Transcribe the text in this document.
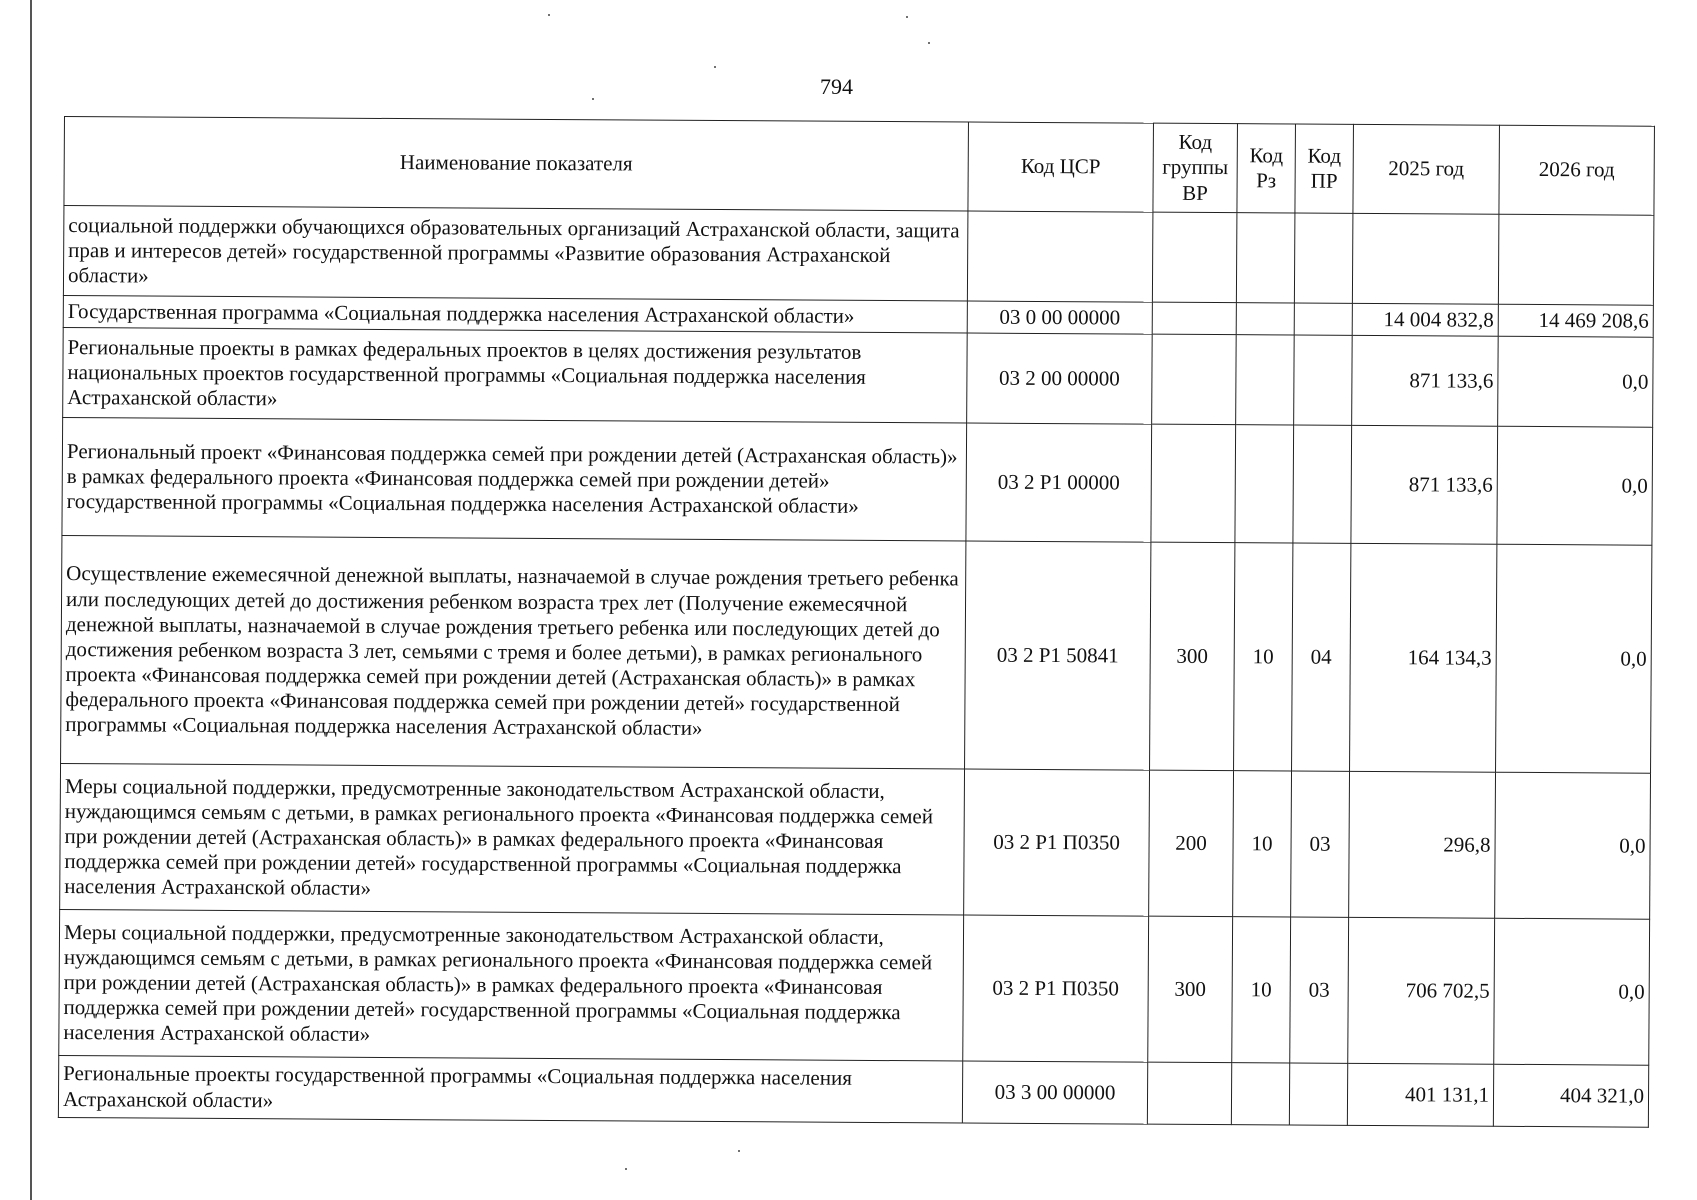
794
Наименование показателя	Код ЦСР	Код группы ВР	Код Рз	Код ПР	2025 год	2026 год
социальной поддержки обучающихся образовательных организаций Астраханской области, защита прав и интересов детей» государственной программы «Развитие образования Астраханской области»						
Государственная программа «Социальная поддержка населения Астраханской области»	03 0 00 00000				14 004 832,8	14 469 208,6
Региональные проекты в рамках федеральных проектов в целях достижения результатов национальных проектов государственной программы «Социальная поддержка населения Астраханской области»	03 2 00 00000				871 133,6	0,0
Региональный проект «Финансовая поддержка семей при рождении детей (Астраханская область)» в рамках федерального проекта «Финансовая поддержка семей при рождении детей» государственной программы «Социальная поддержка населения Астраханской области»	03 2 Р1 00000				871 133,6	0,0
Осуществление ежемесячной денежной выплаты, назначаемой в случае рождения третьего ребенка или последующих детей до достижения ребенком возраста трех лет (Получение ежемесячной денежной выплаты, назначаемой в случае рождения третьего ребенка или последующих детей до достижения ребенком возраста 3 лет, семьями с тремя и более детьми), в рамках регионального проекта «Финансовая поддержка семей при рождении детей (Астраханская область)» в рамках федерального проекта «Финансовая поддержка семей при рождении детей» государственной программы «Социальная поддержка населения Астраханской области»	03 2 Р1 50841	300	10	04	164 134,3	0,0
Меры социальной поддержки, предусмотренные законодательством Астраханской области, нуждающимся семьям с детьми, в рамках регионального проекта «Финансовая поддержка семей при рождении детей (Астраханская область)» в рамках федерального проекта «Финансовая поддержка семей при рождении детей» государственной программы «Социальная поддержка населения Астраханской области»	03 2 Р1 П0350	200	10	03	296,8	0,0
Меры социальной поддержки, предусмотренные законодательством Астраханской области, нуждающимся семьям с детьми, в рамках регионального проекта «Финансовая поддержка семей при рождении детей (Астраханская область)» в рамках федерального проекта «Финансовая поддержка семей при рождении детей» государственной программы «Социальная поддержка населения Астраханской области»	03 2 Р1 П0350	300	10	03	706 702,5	0,0
Региональные проекты государственной программы «Социальная поддержка населения Астраханской области»	03 3 00 00000				401 131,1	404 321,0
